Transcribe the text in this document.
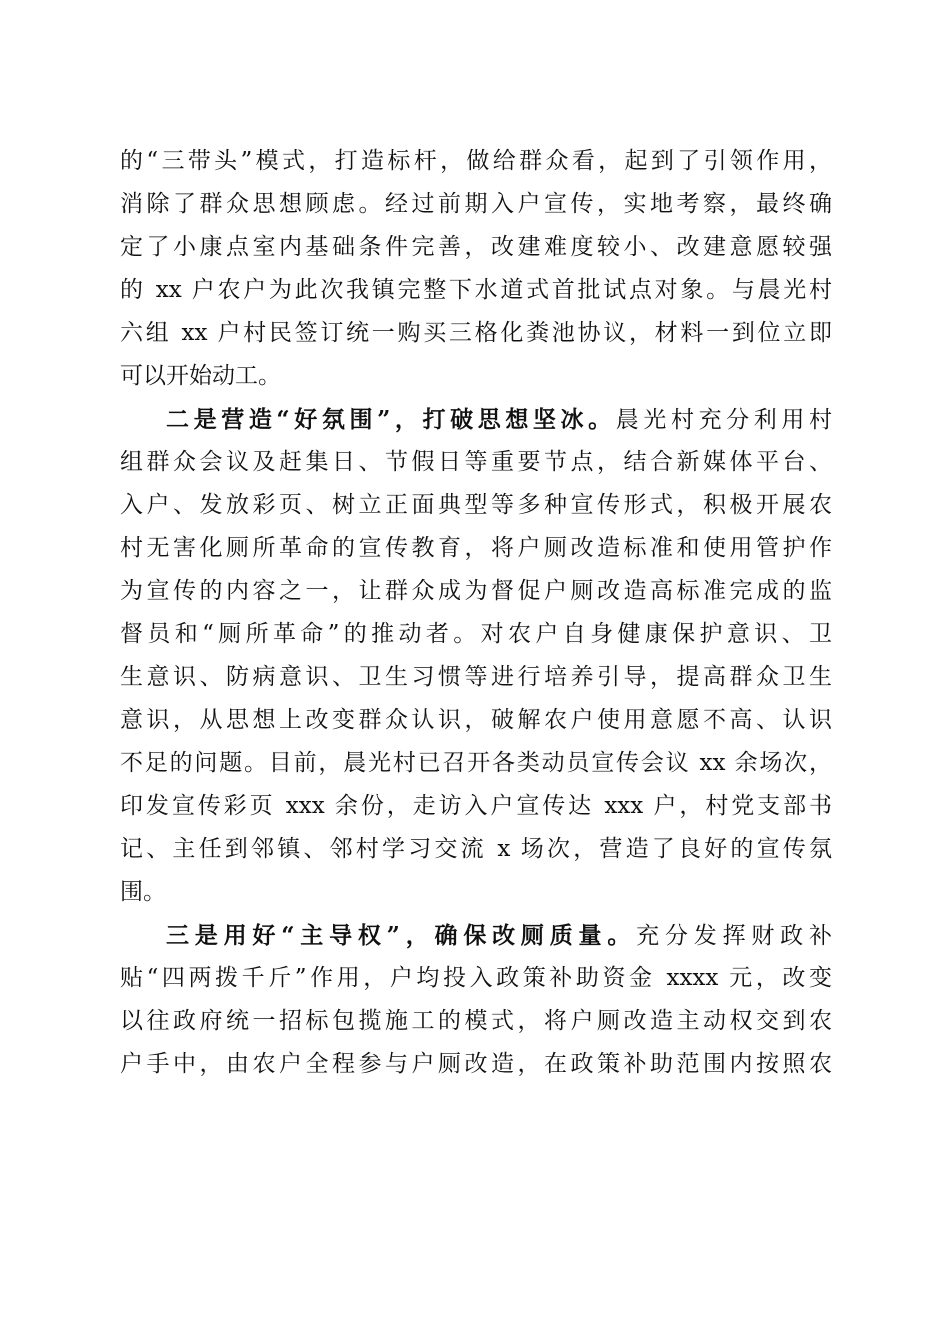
的“三带头”模式，打造标杆，做给群众看，起到了引领作用，
消除了群众思想顾虑。经过前期入户宣传，实地考察，最终确
定了小康点室内基础条件完善，改建难度较小、改建意愿较强
的 xx 户农户为此次我镇完整下水道式首批试点对象。与晨光村
六组 xx 户村民签订统一购买三格化粪池协议，材料一到位立即
可以开始动工。
二是营造“好氛围”，打破思想坚冰。晨光村充分利用村
组群众会议及赶集日、节假日等重要节点，结合新媒体平台、
入户、发放彩页、树立正面典型等多种宣传形式，积极开展农
村无害化厕所革命的宣传教育，将户厕改造标准和使用管护作
为宣传的内容之一，让群众成为督促户厕改造高标准完成的监
督员和“厕所革命”的推动者。对农户自身健康保护意识、卫
生意识、防病意识、卫生习惯等进行培养引导，提高群众卫生
意识，从思想上改变群众认识，破解农户使用意愿不高、认识
不足的问题。目前，晨光村已召开各类动员宣传会议 xx 余场次，
印发宣传彩页 xxx 余份，走访入户宣传达 xxx 户，村党支部书
记、主任到邻镇、邻村学习交流 x 场次，营造了良好的宣传氛
围。
三是用好“主导权”，确保改厕质量。充分发挥财政补
贴“四两拨千斤”作用，户均投入政策补助资金 xxxx 元，改变
以往政府统一招标包揽施工的模式，将户厕改造主动权交到农
户手中，由农户全程参与户厕改造，在政策补助范围内按照农
